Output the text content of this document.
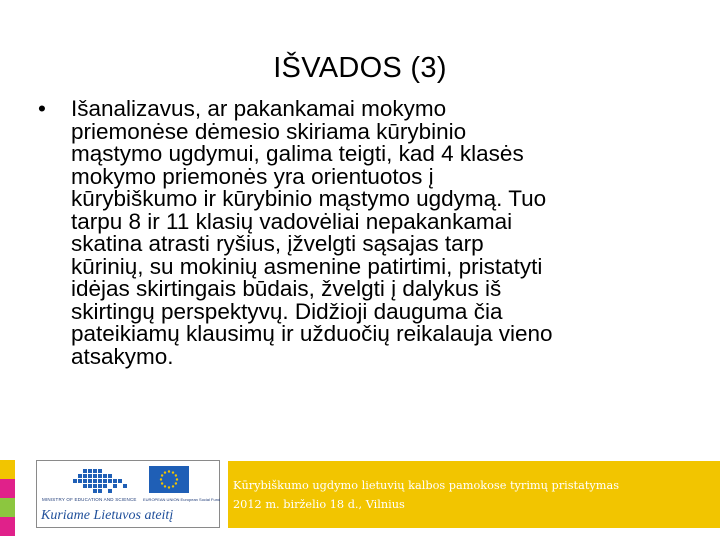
IŠVADOS (3)
•	Išanalizavus, ar pakankamai mokymo
priemonėse dėmesio skiriama kūrybinio
mąstymo ugdymui, galima teigti, kad 4 klasės
mokymo priemonės yra orientuotos į
kūrybiškumo ir kūrybinio mąstymo ugdymą. Tuo
tarpu 8 ir 11 klasių vadovėliai nepakankamai
skatina atrasti ryšius, įžvelgti sąsajas tarp
kūrinių, su mokinių asmenine patirtimi, pristatyti
idėjas skirtingais būdais, žvelgti į dalykus iš
skirtingų perspektyvų. Didžioji dauguma čia
pateikiamų klausimų ir užduočių reikalauja vieno
atsakymo.
MINISTRY OF EDUCATION AND SCIENCE EUROPEAN UNION European Social Fund
Kuriame Lietuvos ateitį
Kūrybiškumo ugdymo lietuvių kalbos pamokose tyrimų pristatymas
2012 m. birželio 18 d., Vilnius
